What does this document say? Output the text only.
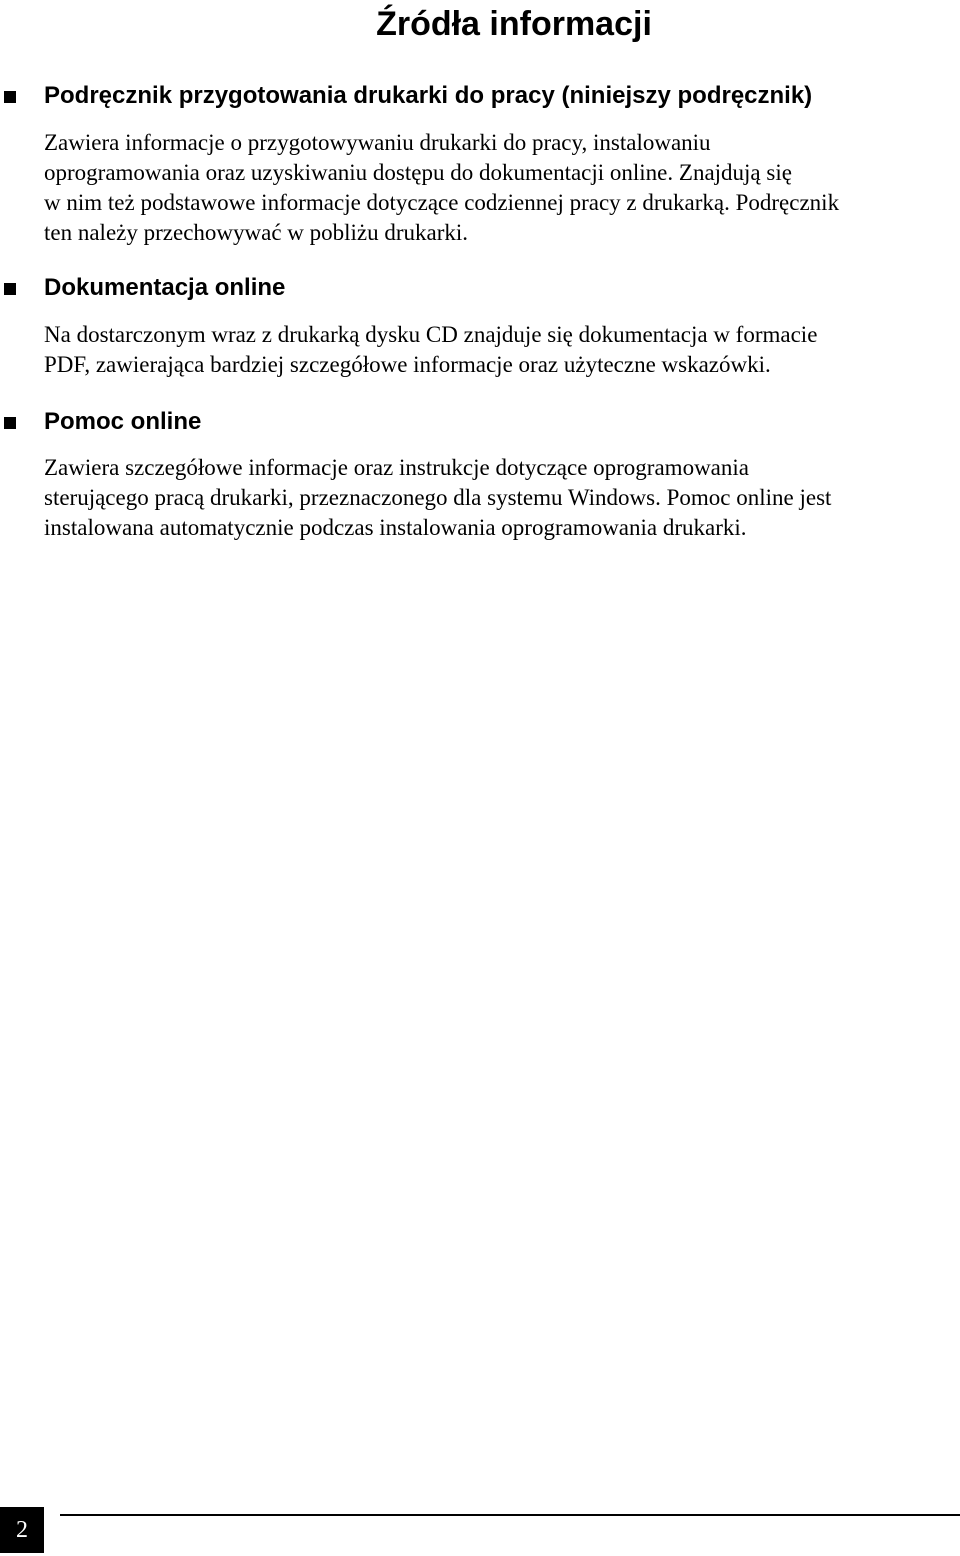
Źródła informacji
Podręcznik przygotowania drukarki do pracy (niniejszy podręcznik)

Zawiera informacje o przygotowywaniu drukarki do pracy, instalowaniu
oprogramowania oraz uzyskiwaniu dostępu do dokumentacji online. Znajdują się
w nim też podstawowe informacje dotyczące codziennej pracy z drukarką. Podręcznik
ten należy przechowywać w pobliżu drukarki.

Dokumentacja online

Na dostarczonym wraz z drukarką dysku CD znajduje się dokumentacja w formacie
PDF, zawierająca bardziej szczegółowe informacje oraz użyteczne wskazówki.

Pomoc online

Zawiera szczegółowe informacje oraz instrukcje dotyczące oprogramowania
sterującego pracą drukarki, przeznaczonego dla systemu Windows. Pomoc online jest
instalowana automatycznie podczas instalowania oprogramowania drukarki.

2
